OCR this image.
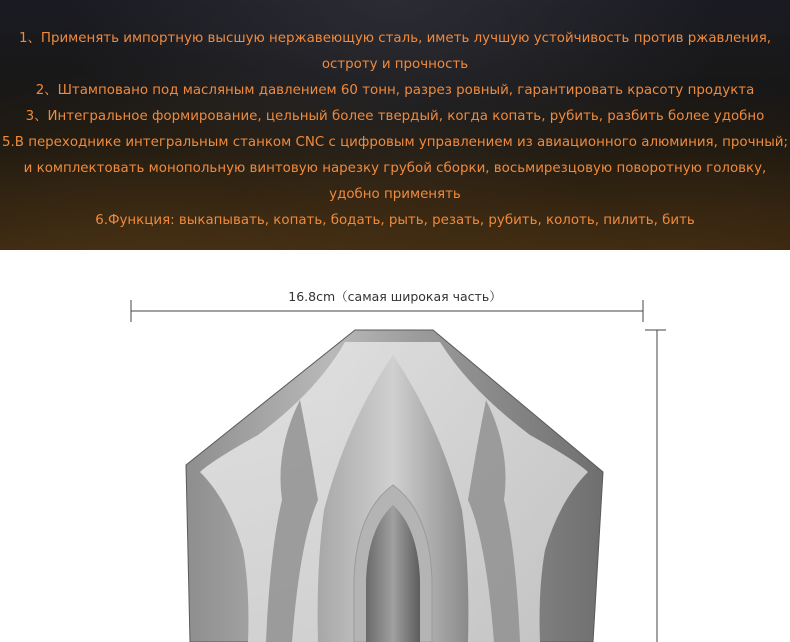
1、Применять импортную высшую нержавеющую сталь, иметь лучшую устойчивость против ржавления,
остроту и прочность
2、Штамповано под масляным давлением 60 тонн, разрез ровный, гарантировать красоту продукта
3、Интегральное формирование, цельный более твердый, когда копать, рубить, разбить более удобно
5.В переходнике интегральным станком CNC с цифровым управлением из авиационного алюминия, прочный;
и комплектовать монопольную винтовую нарезку грубой сборки, восьмирезцовую поворотную головку,
удобно применять
6.Функция: выкапывать, копать, бодать, рыть, резать, рубить, колоть, пилить, бить
16.8cm（самая широкая часть）
